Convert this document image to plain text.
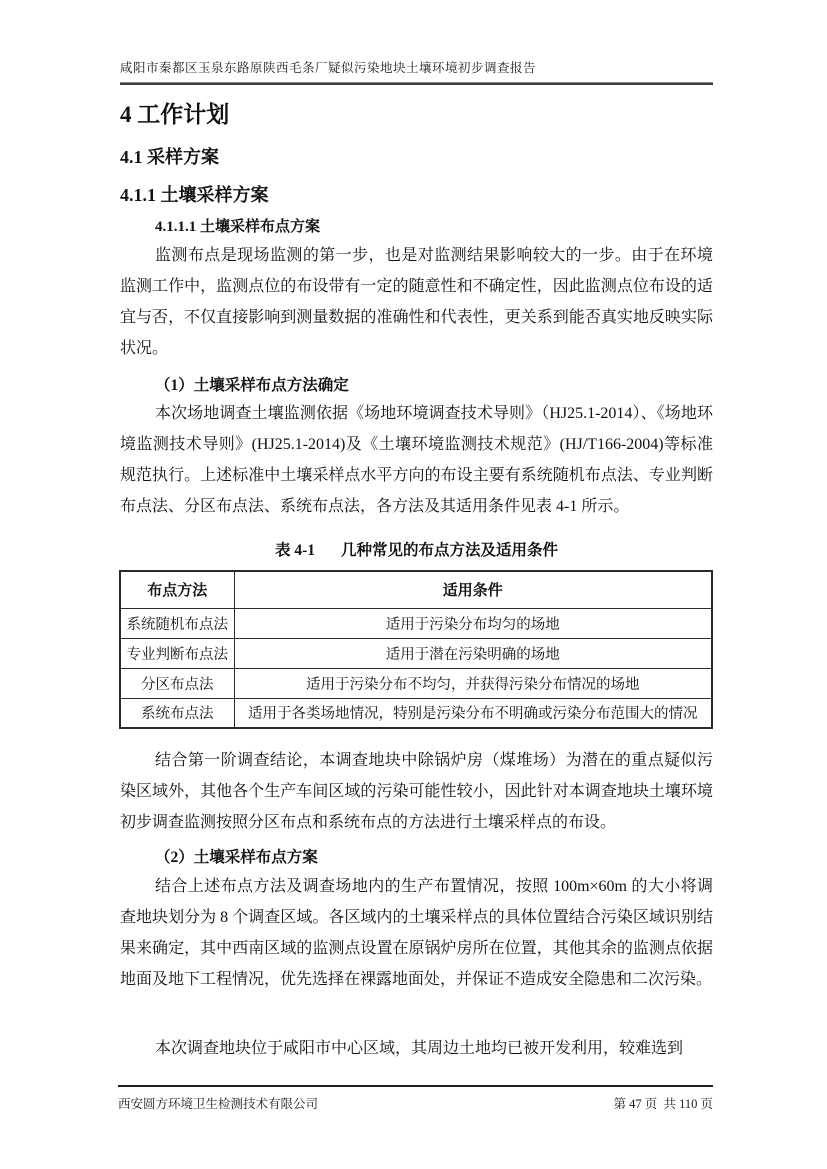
咸阳市秦都区玉泉东路原陕西毛条厂疑似污染地块土壤环境初步调查报告
4 工作计划
4.1 采样方案
4.1.1 土壤采样方案
4.1.1.1 土壤采样布点方案
监测布点是现场监测的第一步，也是对监测结果影响较大的一步。由于在环境监测工作中，监测点位的布设带有一定的随意性和不确定性，因此监测点位布设的适宜与否，不仅直接影响到测量数据的准确性和代表性，更关系到能否真实地反映实际状况。
（1）土壤采样布点方法确定
本次场地调查土壤监测依据《场地环境调查技术导则》（HJ25.1-2014）、《场地环境监测技术导则》(HJ25.1-2014)及《土壤环境监测技术规范》(HJ/T166-2004)等标准规范执行。上述标准中土壤采样点水平方向的布设主要有系统随机布点法、专业判断布点法、分区布点法、系统布点法，各方法及其适用条件见表 4-1 所示。
表 4-1 几种常见的布点方法及适用条件
布点方法	适用条件
系统随机布点法	适用于污染分布均匀的场地
专业判断布点法	适用于潜在污染明确的场地
分区布点法	适用于污染分布不均匀，并获得污染分布情况的场地
系统布点法	适用于各类场地情况，特别是污染分布不明确或污染分布范围大的情况
结合第一阶调查结论，本调查地块中除锅炉房（煤堆场）为潜在的重点疑似污染区域外，其他各个生产车间区域的污染可能性较小，因此针对本调查地块土壤环境初步调查监测按照分区布点和系统布点的方法进行土壤采样点的布设。
（2）土壤采样布点方案
结合上述布点方法及调查场地内的生产布置情况，按照 100m×60m 的大小将调查地块划分为 8 个调查区域。各区域内的土壤采样点的具体位置结合污染区域识别结果来确定，其中西南区域的监测点设置在原锅炉房所在位置，其他其余的监测点依据地面及地下工程情况，优先选择在裸露地面处，并保证不造成安全隐患和二次污染。
本次调查地块位于咸阳市中心区域，其周边土地均已被开发利用，较难选到
西安圆方环境卫生检测技术有限公司	第 47 页  共 110 页
